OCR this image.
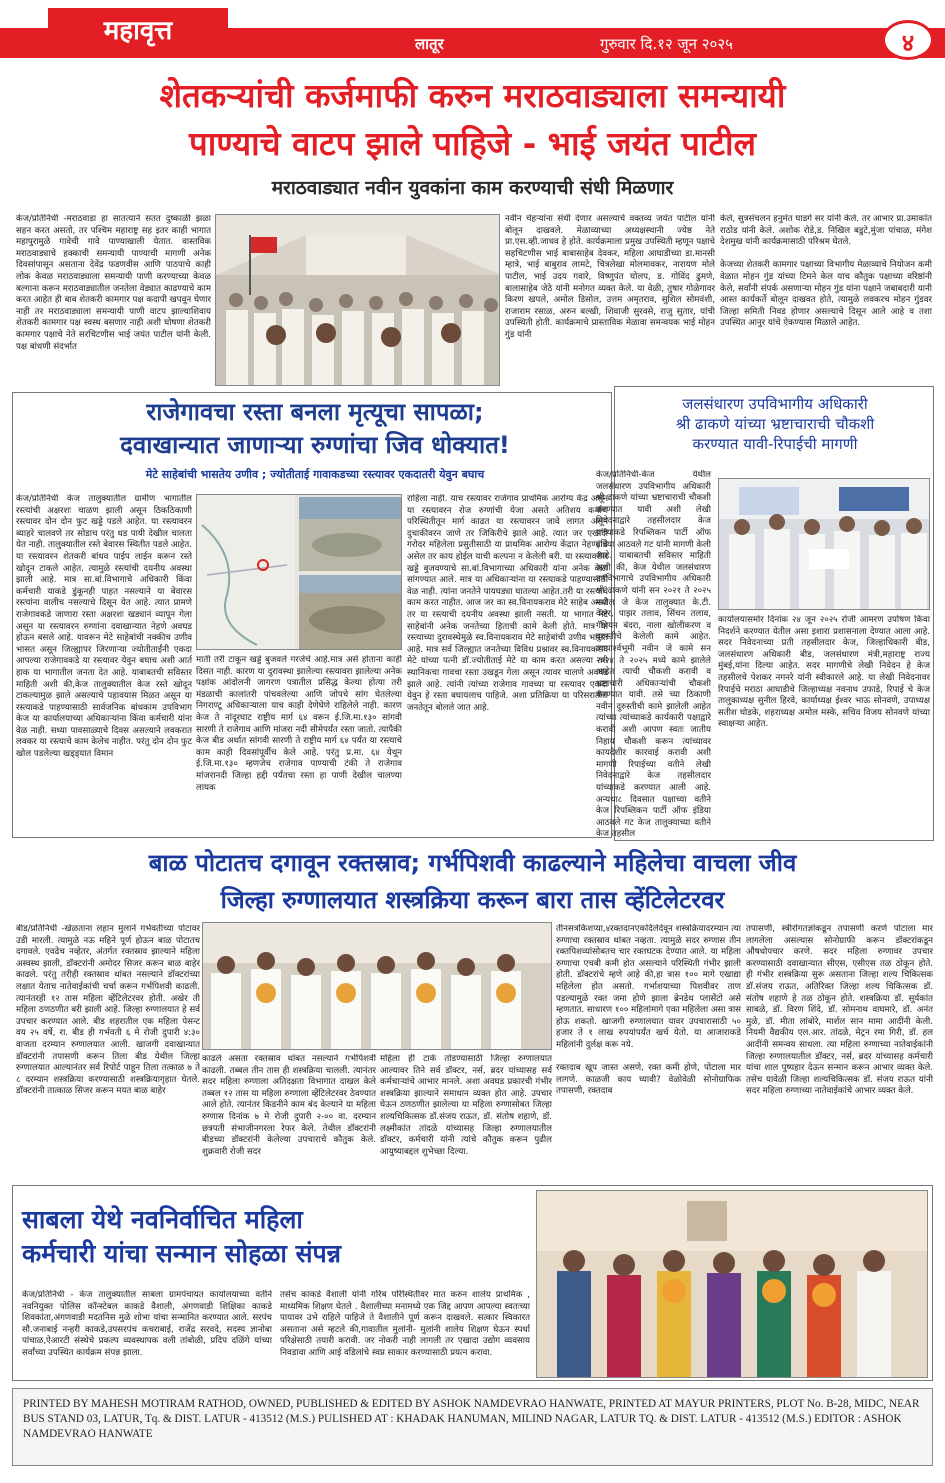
महावृत्त	लातूर	गुरुवार दि.१२ जून २०२५	४
शेतकऱ्यांची कर्जमाफी करुन मराठवाड्याला समन्यायी
पाण्याचे वाटप झाले पाहिजे - भाई जयंत पाटील
मराठवाड्यात नवीन युवकांना काम करण्याची संधी मिळणार
केज/प्रतिनिधी -मराठवाडा हा सातत्याने सतत दुष्काळी झळा सहन करत असतो, तर पश्चिम महाराष्ट्र सह इतर काही भागात महापुरामुळे गावेची गावे पाण्याखाली येतात. वास्तविक मराठवाड्याचे हक्काची समन्यायी पाण्याची मागणी अनेक दिवसांपासून असताना देवेंद्र फडणवीस आणि पाठपाचे काही लोक केवळ मराठवाड्याला समन्यायी पाणी करण्याच्या केवळ बल्गाना करून मराठवाड्यातील जनतेला वेड्यात काढण्याचे काम करत आहेत ही बाब शेतकरी कामगार पक्ष कदापी खपवून घेणार नाही तर मराठवाड्याला समन्यायी पाणी वाटप झाल्याशिवाय शेतकरी कामगार पक्ष स्वस्थ बसणार नाही अशी घोषणा शेतकरी कामगार पक्षाचे नेते सरचिटणीस भाई जयंत पाटील यांनी केली. पक्ष बांधणी संदर्भात
नवीन चेहऱ्यांना संधी देणार असल्याचे वक्तव्य जयंत पाटील यांनी बोलून दाखवले. मेळाव्याच्या अध्यक्षस्थानी ज्येष्ठ नेते प्रा.एस.व्ही.जाधव हे होते. कार्यक्रमाला प्रमुख उपस्थिती म्हणून पक्षाचे सहचिटणीस भाई बाबासाहेब देवकर, महिला आघाडीच्या डा.मानसी म्हात्रे, भाई बाबुराव लामटे, चित्रलेखा मोलमावकर, नारायण मोले पाटील, भाई उदय गवारे, विष्णुपंत घोलप, ड. गोविंद ढुमणे, बालासाहेब जेठे यांनी मनोगत व्यक्त केले. या वेळी, तुषार गोळेगावर किरण खपले, अमोल डिसोल, उत्तम अमृतराव, सुशिल सोमवंशी, राजाराम रसाळ, अरुन बल्खी, शिवाजी सुरवसे, राजु सुतार, यांची उपस्थिती होती. कार्यक्रमाचे प्रास्ताविक मेळावा समन्वयक भाई मोहन गुंड यांनी
केले, सुत्रसंचलन हनुमंत घाडगे सर यांनी केले. तर आभार प्रा.उमाकांत राठोड यांनी केले. अशोक रोडे,ड. निखिल बडुटे,मुंजा पांचाळ, मंगेश देशमुख यांनी कार्यक्रमासाठी परिश्रम घेतले.

केजच्या शेतकरी कामगार पक्षाच्या विभागीय मेळाव्याचे नियोजन कमी वेळात मोहन गुंड यांच्या टिमने केल याच कौतुक पक्षाच्या वरिष्ठांनी केले, सर्वांनी संपर्क असणाऱ्या मोहन गुंड यांना पक्षाने जबाबदारी यानी आस्त कार्यकर्ते बोलून दाखवत होते, त्यामुळे लवकरच मोहन गुंडवर जिल्हा समिती निवड होणार असल्याचे दिसून आले आहे व तशा उपस्थित आनुर यांचे ऐकण्यास मिळाले आहेत.
राजेगावचा रस्ता बनला मृत्यूचा सापळा;
दवाखान्यात जाणाऱ्या रुग्णांचा जिव धोक्यात!
मेटे साहेबांची भासतेय उणीव ; ज्योतीताई गावाकडच्या रस्त्यावर एकदातरी येवुन बघाच
केज/प्रतिनिधी केज तालुक्यातील ग्रामीण भागातील रस्त्यांची अक्षरशः चाळण झाली असून ठिकठिकाणी रस्त्यावर दोन दोन फुट खड्डे पडले आहेत. या रस्त्यावरन ब्याहरे चालवणे तर सोडाच परंतु धड पायी देखील चालता येत नाही. तालुक्यातील रस्ते बेवारस स्थितीत पडले आहेत. या रस्त्यावरन शेतकरी बांधव पाईप लाईन करून रस्ते खोदून टाकले आहेत. त्यामुळे रस्त्यांची दयनीय अवस्था झाली आहे. मात्र सा.बां.विभागाचे अधिकारी किंवा कर्मचारी याकडे डुंकूनही पाहत नसल्याने या बेवारस रस्त्यांना वालीच नसल्याचे दिसून येत आहे. त्यात प्रामणे राजेगावकडे जाणारा रस्ता अक्षरशः खड्यानं व्यापून गेला असून या रस्त्यावरन रुग्णांना दवाखान्यात नेहणे अवघड होऊन बसले आहे. यावरून मेटे साहेबांची नक्कीच उणीव भासत असून जिल्ह्यापर जिरणाऱ्या ज्योतीताईंनी एकदा आपल्या राजेगावकडे या रस्त्यावर येवुन बघाच अशी आर्त हाक या भागातील जनता देत आहे. याबाबतची सविस्तर माहिती अशी की,केज तालुक्यातील केज रस्ते खोदून टाकल्यामुळ झाले असल्याचे पहावयास मिळत असून या रस्त्याकडे पाहण्यासाठी सार्वजनिक बांधकाम उपविभाग केज या कार्यालयाच्या अधिकाऱ्यांना किंवा कर्मचारी यांना वेळ नाही. सध्या पावसाळ्याचे दिवस असल्याने लवकरात लवकर या रस्त्याचे काम केलेच नाहीत. परंतु दोन दोन फुट खोल पडलेल्या खड्ड्यात विमान
माती तरी टाकून खड्डे बुजवले गरजेचे आहे.मात्र असे होताना काही दिसत नाही. कारण या दुरावस्था झालेल्या रस्त्यावरा झालेल्या अनेक पक्षांक आंदोलनी जागरण पत्रातील प्रसिद्ध केल्या होत्या तरी मंडळाची कालांतरी पांचवलेल्या आणि जोपचे सांग घेतलेल्या निगराण्टू अधिकाऱ्याला याच काही देणेघेणे राहिलेले नाही. कारण केज ते नांदूरघाट राष्ट्रीय मार्ग ६४ वरून ई.जि.मा.१३० सांगवी सारणी ते राजेगाव आणि मांजरा नदी सीमेपर्यंत रस्ता जातो. त्यापैकी केज बीड अर्थात सांगवी सारणी ते राष्ट्रीय मार्ग ६४ पर्यंत या रस्त्याचे काम काही दिवसांपूर्वीच केले आहे. परंतु प्र.मा. ६४ येथून ई.जि.मा.१३० म्हणजेच राजेगाव पाण्याची टंकी ते राजेगाव मांजरानदी जिल्हा हद्दी पर्यंतचा रस्ता हा पाणी देखील चालण्या लायक
राहिला नाही. याच रस्त्यावर राजेगाव प्राथमिक आरोग्य केंद्र असून या रस्त्यावरन रोज रुग्णांची येजा असते अतिशय कर्वाण परिस्थितीतून मार्ग काढत या रस्त्यावरन जावे लागत असून दुचाकीवरन जाणे तर जिकिरीचे झाले आहे. त्यात जर एखादी गरोदर महिलेला प्रसुतीसाठी या प्राथमिक आरोग्य केंद्रात नेहण्याचे असेल तर काय होईल याची कल्पना न केलेली बरी. या रस्त्यावरील खड्डे बुजवण्याचे सा.बां.विभागाच्या अधिकारी यांना अनेक वेळा सांगण्यात आले. मात्र या अधिकाऱ्यांना या रस्त्याकडे पाहण्यासाठी वेळ नाही. त्यांना जनतेने पायघड्या घातल्या आहेत.तरी या रस्त्याचे काम करत नाहीत. आज जर का स्व.विनायकराव मेटे साहेब असते तर या रस्त्याची दयनीय अवस्था झाली नसती. या भागात मेटे साहेबांनी अनेक जनतेच्या हिताची कामे केली होते. मात्र या रस्त्याच्या दुरावस्थेमुळे स्व.विनायकराव मेटे साहेबांची उणीव भासत आहे. मात्र सर्व जिल्ह्यात जनतेच्या विविध प्रश्नावर स्व.विनायकराव मेटे यांच्या पत्नी डॉ.ज्योतीताई मेटे या काम करत असल्या तरी स्थानिकचा गावचा रस्ता उखडून गेला असून त्यावर चालणे अवघड झाले आहे. त्यांनी त्यांच्या राजेगाव गावच्या या रस्त्यावर एकदा येवुन हे रस्ता बघायलाच पाहिजे. अशा प्रतिक्रिया या परिसरातील जनतेतून बोलले जात आहे.
जलसंधारण उपविभागीय अधिकारी
श्री ढाकणे यांच्या भ्रष्टाचाराची चौकशी
करण्यात यावी-रिपाईची मागणी
केज/प्रतिनिधी-केज येथील जलसंधारण उपविभागीय अधिकारी श्री ढाकणे यांच्या भ्रष्टाचाराची चौकशी करण्यात यावी अशी लेखी निवेदनाद्वारे तहसीलदार केज यांच्याकडे रिपब्लिकन पार्टी ऑफ इंडिया आठवले गट यांनी मागणी केली आहे. याबाबतची सविस्तर माहिती अशी की, केज येथील जलसंधारण उपविभागाचे उपविभागीय अधिकारी श्री ढाकणे यांनी सन २०२१ ते २०२५ मधील जे केज तालुक्यात के.टी. वेअर, पाझर तलाव, सिंचन तलाव, गॅबियन बंदरा, नाला खोलीकरण व दुरुस्तीचे केलेली कामे आहेत. त्यापार्श्वभूमी नवीन जे कामे सन २०२४ ते २०२५ मध्ये कामे झालेले आहेत त्याची चौकशी करावी व भ्रष्टाचारी अधिकाऱ्यांची चौकशी करण्यात यावी. तसे च्या ठिकाणी नवीन दुरुस्तीची कामे झालेली आहेत त्यांच्या त्यांच्याकडे कार्यकारी पक्षाद्वारे करावी अशी आपण स्वतः जातीय निहाय चौकशी करून त्यांच्यावर कायदेशीर कारवाई करावी अशी मागणी रिपाईच्या वतीने लेखी निवेदनाद्वारे केज तहसीलदार यांच्याकडे करण्यात आली आहे. अन्यथा८ दिवसात पक्षाच्या वतीने केज रिपब्लिकन पार्टी ऑफ इंडिया आठवले गट केज तालुक्याच्या वतीने केज तहसील
कार्यालयासमोर दिनांक २४ जून २०२५ रोजी आमरण उपोषण किंवा निदर्शने करण्यात येतील असा इशारा प्रशासनाला देण्यात आला आहे. सदर निवेदनाच्या प्रती तहसीलदार केज, जिल्हाधिकारी बीड, जलसंधारण अधिकारी बीड, जलसंधारण मंत्री,महाराष्ट्र राज्य मुंबई,यांना दिल्या आहेत. सदर मागणीचे लेखी निवेदन हे केज तहसीलचे पेशकर नगनरे यांनी स्वीकारले आहे. या लेखी निवेदनावर रिपाईचे मराठा आघाडीचे जिल्हाध्यक्ष नवनाथ उफाडे, रिपाई चे केज तालुकाध्यक्ष सुनील हिरवे, कार्याध्यक्ष ईश्वर भाऊ सोनवणे, उपाध्यक्ष सतीश घोडके, शहराध्यक्ष अमोल मस्के, सचिव विजय सोनवणे यांच्या स्वाक्षऱ्या आहेत.
बाळ पोटातच दगावून रक्तस्राव; गर्भपिशवी काढल्याने महिलेचा वाचला जीव
जिल्हा रुग्णालयात शस्त्रक्रिया करून बारा तास व्हेंटिलेटरवर
बीड/प्रतिनिधी -खेळताना लहान मुलाने गर्भवतीच्या पोटावर उडी मारली. त्यामुळे नऊ महिने पूर्ण होऊन बाळ पोटातच दगावले. एवढेच नव्हेतर, अंतर्गत रक्तस्राव झाल्याने महिला अस्वस्थ झाली, डॉक्टरांनी अमोदर सिजर करून बाळ बाहेर काढले. परंतु तरीही रक्तस्राव थांबत नसल्याने डॉक्टरांच्या लक्षात येताच नातेवाईकांची चर्चा करून गर्भपिशवी काढली. त्यानंतरही १२ तास महिला व्हेंटिलेटरवर होती. अखेर ती महिला ठणठणीत बरी झाली आहे. जिल्हा रुग्णालयात हे सर्व उपचार करण्यात आले. बीड शहरातील एक महिला पेसन्ट वय २५ वर्षे, रा. बीड ही गर्भवती ६ मे रोजी दुपारी ४:३० वाजता दरम्यान रुग्णालयात आली. खाजगी दवाखान्यात डॉक्टरांनी तपासणी करून तिला बीड येथील जिल्हा रुग्णालयात आल्यानंतर सर्व रिपोर्ट पाहून तिला तत्काळ ७ ते ८ दरम्यान शस्त्रक्रिया करण्यासाठी शस्त्रक्रियागृहात घेतले. डॉक्टरांनी तात्काळ सिजर करून मयत बाळ बाहेर
काढले असता रक्तस्राव थांबत नसल्याने गर्भपिशवी काढली. तब्बल तीन तास ही शस्त्रक्रिया चालली. त्यानंतर सदर महिला रुग्णाला अतिदक्षता विभागात दाखल केले तब्बल १२ तास या महिला रुग्णाला व्हेंटिलेटरवर ठेवण्यात आले होते. त्यानंतर किडनीने काम बंद केल्याने या महिला रुग्णास दिनांक ७ मे रोजी दुपारी २-०० वा. दरम्यान छत्रपती संभाजीनगरला रेफर केले. तेथील डॉक्टरांनी बीडच्या डॉक्टरांनी केलेल्या उपचाराचे कौतुक केले. शुक्रवारी रोजी सदर
महिला ही टाके तोडण्यासाठी जिल्हा रुग्णालयात आल्यावर तिने सर्व डॉक्टर, नर्स, ब्रदर यांच्यासह सर्व कर्मचाऱ्यांचे आभार मानले. अशा अवघड प्रकारची गंभीर शस्त्रक्रिया झाल्याने समाधान व्यक्त होत आहे. उपचार घेऊन ठणठणीत झालेल्या या महिला रुग्णासोबत जिल्हा शल्यचिकित्सक डॉ.संजय राऊत, डॉ. संतोष शहाणे, डॉ. लक्ष्मीकांत तांदळे यांच्यासह जिल्हा रुग्णालयातील डॉक्टर, कर्मचारी यांनी त्यांचे कौतुक करून पुढील आयुष्याबद्दल शुभेच्छा दिल्या.
तीनसत्रकिशप्या,४रक्तदानएकदिलेदेवून शस्त्रक्रियादरम्यान त्या रुग्णाचा रक्तस्राव थांबत नव्हता. त्यामुळे सदर रुग्णास तीन रक्तपिशव्यांसोबतच चार रक्तघटक देण्यात आले. या महिला रुग्णाचा एचबी कमी होत असल्याने परिस्थिती गंभीर झाली होती. डॉक्टरांचे म्हणे आहे की,हा त्रास १०० मागे एखाद्या महिलेला होत असतो. गर्भाशयाच्या पिशवीवर ताण पडल्यामुळे रक्त जमा होणे झाला ब्रेनडेथ प्लासेंटो असे म्हणतात. साधारण १०० महिलांमागे एका महिलेला असा त्रास होऊ शकतो. खाजगी रुग्णालयात यावर उपचारासाठी ५० हजार ते १ लाख रुपयांपर्यंत खर्च येतो. या आजाराकडे महिलांनी दुर्लक्ष करू नये.

रक्तदाब खूप जास्त असणे, रक्त कमी होणे, पोटाला मार लागणे. काळजी काय घ्यावी? वेळोवेळी सोनोग्राफिक तपासणी, रक्तदाब
तपासणी, स्त्रीरोगतज्ञांकडून तपासणी करणे पोटाला मार लागलेला असल्यास सोनोग्राफी करून डॉक्टरांकडून औषधोपचार करणे. सदर महिला रुग्णावर उपचार करण्यासाठी दवाखान्यात सीएस, एसीएस तळ ठोकून होते. ही गंभीर शस्त्रक्रिया सुरू असताना जिल्हा शल्य चिकित्सक डॉ.संजय राऊत, अतिरिक्त जिल्हा शल्य चिकित्सक डॉ. संतोष शहाणे हे तळ ठोकून होते. शस्त्रक्रिया डॉ. सूर्यकांत साबळे, डॉ. विरण शिंदे, डॉ. सोमनाथ वाघमारे, डॉ. अनंत मुळे, डॉ. मीता लांबोरे, मार्शल सान मामा आदींनी केली. नियमी वैद्यकीय एल.आर. तांदळे, मेट्रन रमा गिरी, डॉ. हल आदींनी समन्वय साधला. त्या महिला रुग्णाच्या नातेवाईकांनी जिल्हा रुग्णालयातील डॉक्टर, नर्स, ब्रदर यांच्यासह कर्मचारी यांचा शाल पुष्पहार देऊन सन्मान करून आभार व्यक्त केले. तसेच यावेळी जिल्हा शल्यचिकित्सक डॉ. संजय राऊत यांनी सदर महिला रुग्णाच्या नातेवाईकांचे आभार व्यक्त केले.
साबला येथे नवनिर्वाचित महिला
कर्मचारी यांचा सन्मान सोहळा संपन्न
केज/प्रतिनिधी - केज तालुक्यातील साबला ग्रामपंचायत कार्यालयाच्या वतीने नवनियुक्त पोलिस कॉन्स्टेबल काकडे वैशाली, अंगणवाडी शिक्षिका काकडे शिवकांता,अंगणवाडी मदतनिस मुळे शोभा यांचा सन्मानित करण्यात आले. सरपंच सौ.जनाबाई नन्हरी काकडे,उपसरपंच कचराबाई, राजेंद्र सरवदे, सदस्य ज्ञानोबा पांचाळ,ऐआरटी संस्थेचे प्रकल्प व्यवस्थापक वली तांबोळी, प्रदिप दळिंगे यांच्या सर्वांच्या उपस्थित कार्यक्रम संपन्न झाला.
तसेच काकडे वैशाली यांनी गरिब परिस्थितीवर मात करुन शालेय प्राथमिक , माध्यमिक शिक्षण घेतले . वैशालीच्या मनामध्ये एक जिद्द आपण आपल्या स्वतःच्या पायावर उभे राहिले पाहिजे ते वैशालीने पूर्ण करून दाखवले. सत्कार स्विकारत असताना असे म्हटले की,गावातील मुलांनी- मुलांनी शालेय शिक्षण घेऊन स्पर्धा परिक्षेसाठी तयारी करावी. जर नोकरी नाही लागली तर एखादा उद्योग व्यवसाय निवडावा आणि आई वडिलांचे स्वप्न साकार करण्यासाठी प्रयत्न करावा.
PRINTED BY MAHESH MOTIRAM RATHOD, OWNED, PUBLISHED & EDITED BY ASHOK NAMDEVRAO HANWATE, PRINTED AT MAYUR PRINTERS, PLOT No. B-28, MIDC, NEAR BUS STAND 03, LATUR, Tq. & DIST. LATUR - 413512 (M.S.) PULISHED AT : KHADAK HANUMAN, MILIND NAGAR, LATUR TQ. & DIST. LATUR - 413512 (M.S.) EDITOR : ASHOK NAMDEVRAO HANWATE
